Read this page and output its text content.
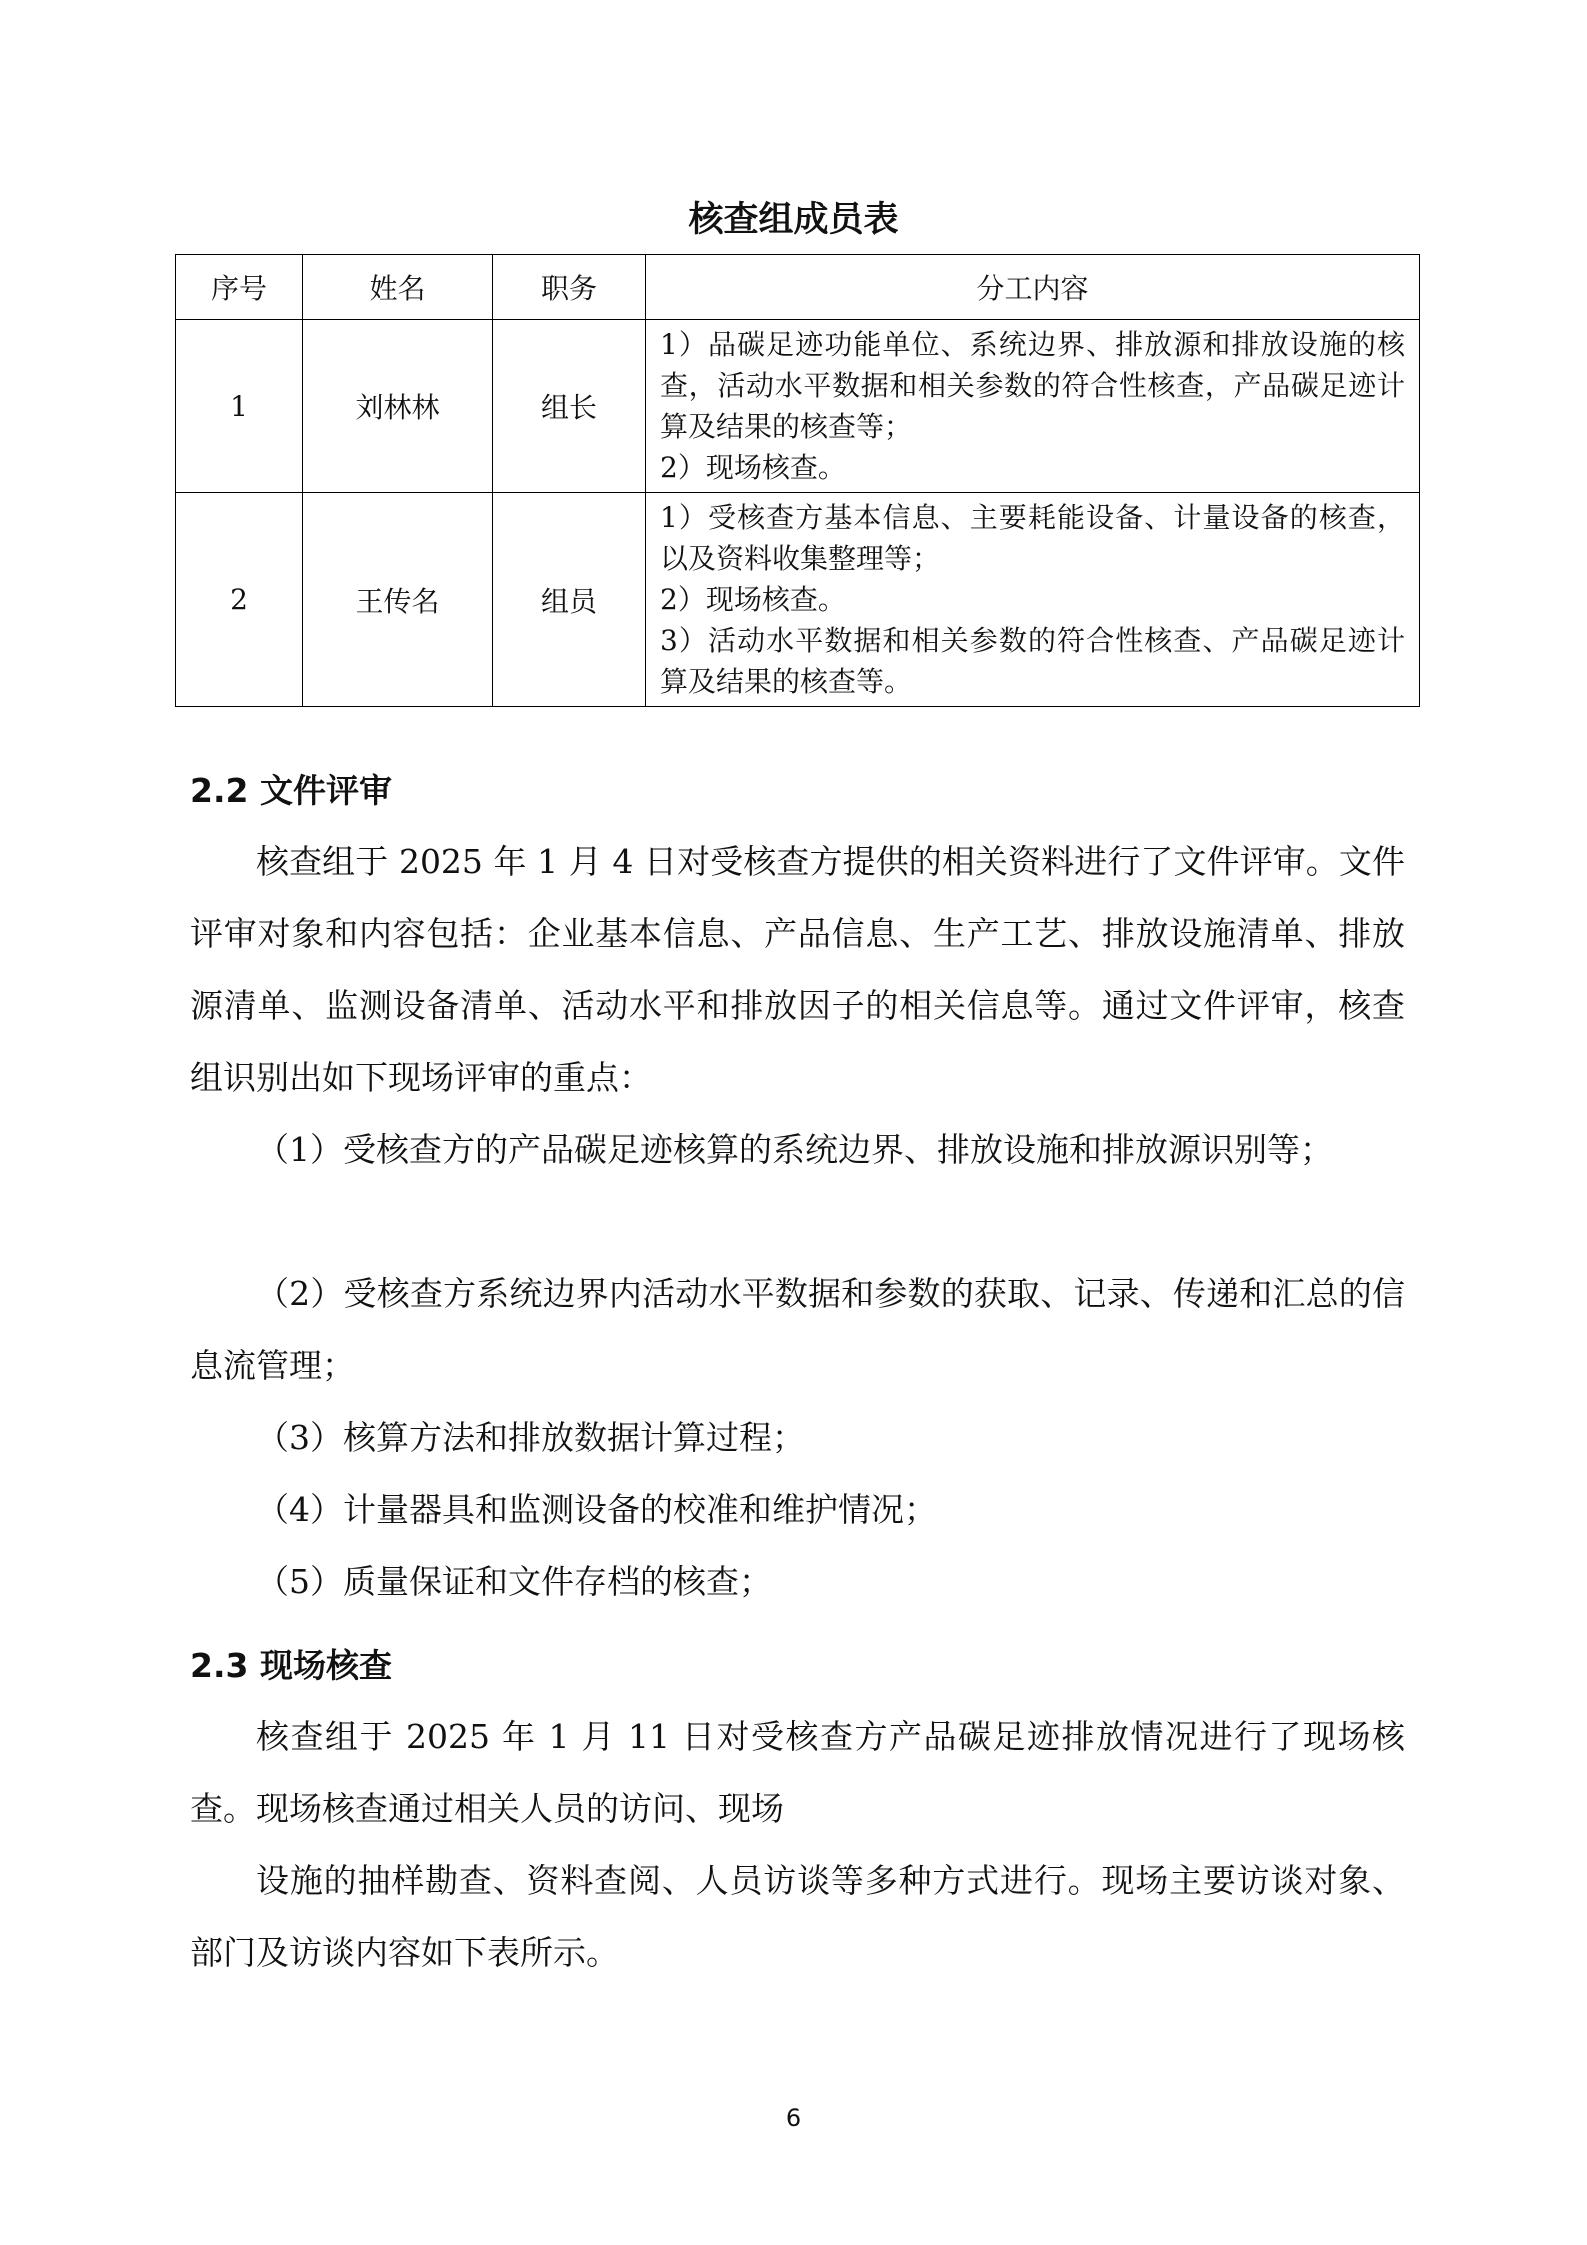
核查组成员表
序号	姓名	职务	分工内容
1	刘林林	组长	1）品碳足迹功能单位、系统边界、排放源和排放设施的核查，活动水平数据和相关参数的符合性核查，产品碳足迹计算及结果的核查等；
2）现场核查。

2	王传名	组员	1）受核查方基本信息、主要耗能设备、计量设备的核查，以及资料收集整理等；
2）现场核查。
3）活动水平数据和相关参数的符合性核查、产品碳足迹计算及结果的核查等。
2.2 文件评审

核查组于 2025 年 1 月 4 日对受核查方提供的相关资料进行了文件评审。文件评审对象和内容包括：企业基本信息、产品信息、生产工艺、排放设施清单、排放源清单、监测设备清单、活动水平和排放因子的相关信息等。通过文件评审，核查组识别出如下现场评审的重点：

（1）受核查方的产品碳足迹核算的系统边界、排放设施和排放源识别等；

（2）受核查方系统边界内活动水平数据和参数的获取、记录、传递和汇总的信息流管理；

（3）核算方法和排放数据计算过程；

（4）计量器具和监测设备的校准和维护情况；

（5）质量保证和文件存档的核查；

2.3 现场核查

核查组于 2025 年 1 月 11 日对受核查方产品碳足迹排放情况进行了现场核查。现场核查通过相关人员的访问、现场

设施的抽样勘查、资料查阅、人员访谈等多种方式进行。现场主要访谈对象、部门及访谈内容如下表所示。

6
